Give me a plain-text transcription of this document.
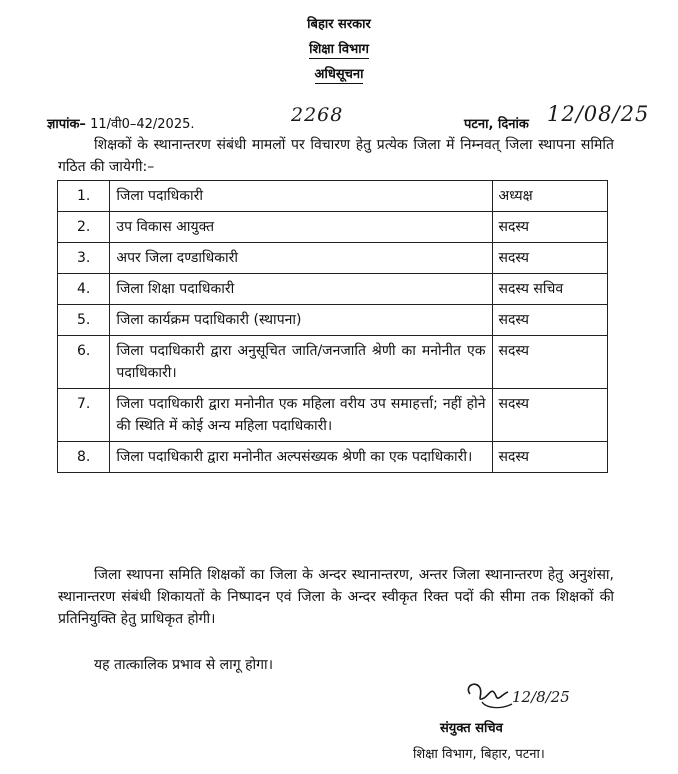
बिहार सरकार
शिक्षा विभाग
अधिसूचना
ज्ञापांक– 11/वी0–42/2025.	2268	पटना, दिनांक 12/08/25
शिक्षकों के स्थानान्तरण संबंधी मामलों पर विचारण हेतु प्रत्येक जिला में निम्नवत् जिला स्थापना समिति गठित की जायेगी:–
1.	जिला पदाधिकारी	अध्यक्ष
2.	उप विकास आयुक्त	सदस्य
3.	अपर जिला दण्डाधिकारी	सदस्य
4.	जिला शिक्षा पदाधिकारी	सदस्य सचिव
5.	जिला कार्यक्रम पदाधिकारी (स्थापना)	सदस्य
6.	जिला पदाधिकारी द्वारा अनुसूचित जाति/जनजाति श्रेणी का मनोनीत एक पदाधिकारी।	सदस्य
7.	जिला पदाधिकारी द्वारा मनोनीत एक महिला वरीय उप समाहर्त्ता; नहीं होने की स्थिति में कोई अन्य महिला पदाधिकारी।	सदस्य
8.	जिला पदाधिकारी द्वारा मनोनीत अल्पसंख्यक श्रेणी का एक पदाधिकारी।	सदस्य
जिला स्थापना समिति शिक्षकों का जिला के अन्दर स्थानान्तरण, अन्तर जिला स्थानान्तरण हेतु अनुशंसा, स्थानान्तरण संबंधी शिकायतों के निष्पादन एवं जिला के अन्दर स्वीकृत रिक्त पदों की सीमा तक शिक्षकों की प्रतिनियुक्ति हेतु प्राधिकृत होगी।
यह तात्कालिक प्रभाव से लागू होगा।
12/8/25
संयुक्त सचिव
शिक्षा विभाग, बिहार, पटना।
